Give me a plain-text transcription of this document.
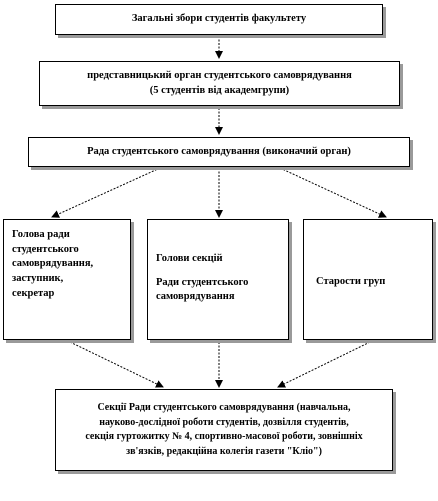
Загальні збори студентів факультету
представницький орган студентського самоврядування
(5 студентів від академгрупи)
Рада студентського самоврядування (виконачий орган)
Голова ради
студентського
самоврядування,
заступник,
секретар
Голови секцій
Ради студентського самоврядування
Старости груп
Секції Ради студентського самоврядування (навчальна,
науково-дослідної роботи студентів, дозвілля студентів,
секція гуртожитку № 4, спортивно-масової роботи, зовнішніх
зв'язків, редакційна колегія газети "Кліо")
